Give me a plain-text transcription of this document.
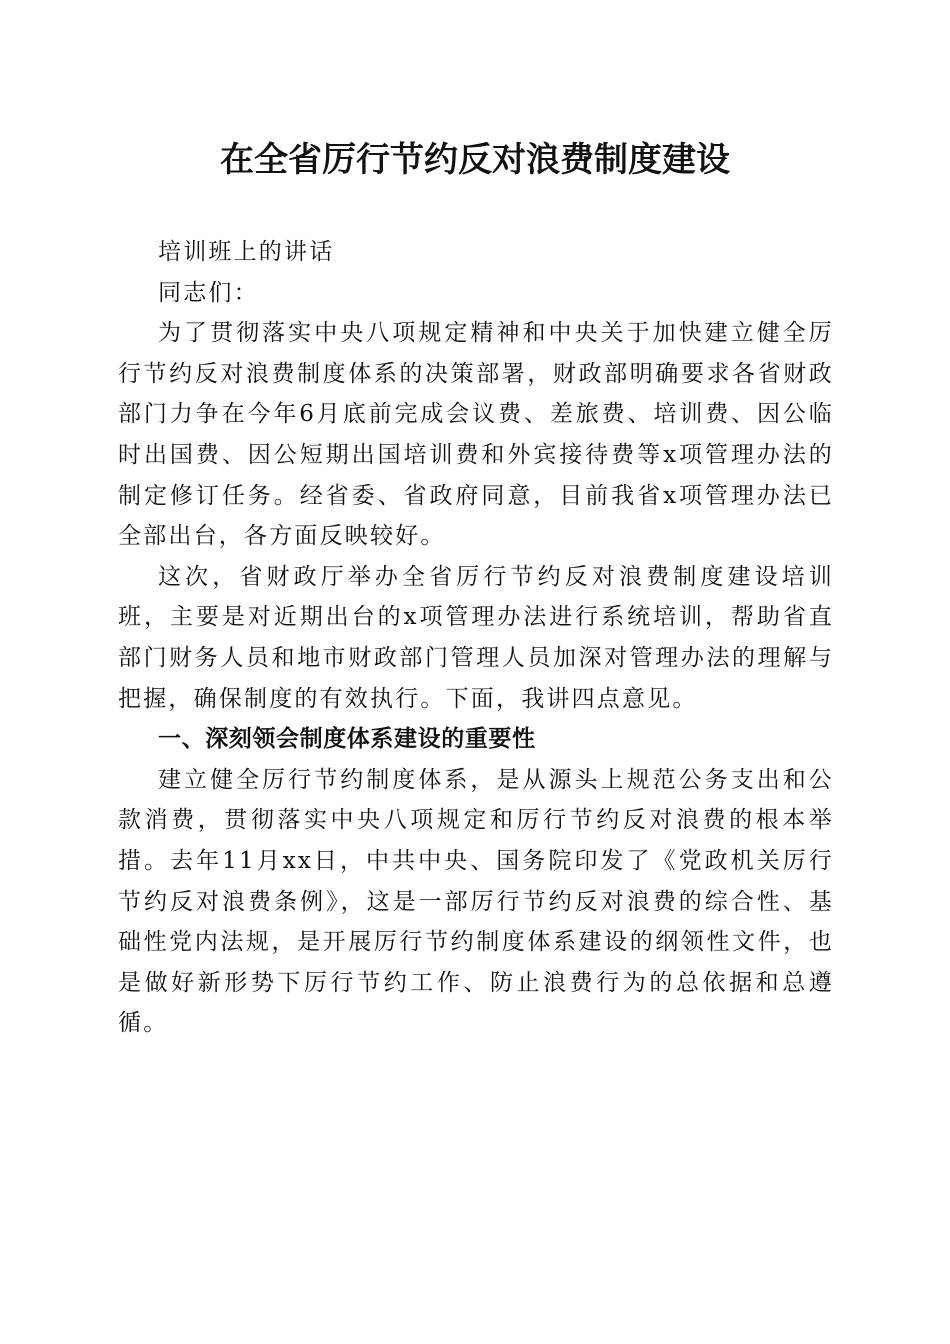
在全省厉行节约反对浪费制度建设

培训班上的讲话

同志们：

为了贯彻落实中央八项规定精神和中央关于加快建立健全厉行节约反对浪费制度体系的决策部署，财政部明确要求各省财政部门力争在今年6月底前完成会议费、差旅费、培训费、因公临时出国费、因公短期出国培训费和外宾接待费等x项管理办法的制定修订任务。经省委、省政府同意，目前我省x项管理办法已全部出台，各方面反映较好。

这次，省财政厅举办全省厉行节约反对浪费制度建设培训班，主要是对近期出台的x项管理办法进行系统培训，帮助省直部门财务人员和地市财政部门管理人员加深对管理办法的理解与把握，确保制度的有效执行。下面，我讲四点意见。

一、深刻领会制度体系建设的重要性

建立健全厉行节约制度体系，是从源头上规范公务支出和公款消费，贯彻落实中央八项规定和厉行节约反对浪费的根本举措。去年11月xx日，中共中央、国务院印发了《党政机关厉行节约反对浪费条例》，这是一部厉行节约反对浪费的综合性、基础性党内法规，是开展厉行节约制度体系建设的纲领性文件，也是做好新形势下厉行节约工作、防止浪费行为的总依据和总遵循。
